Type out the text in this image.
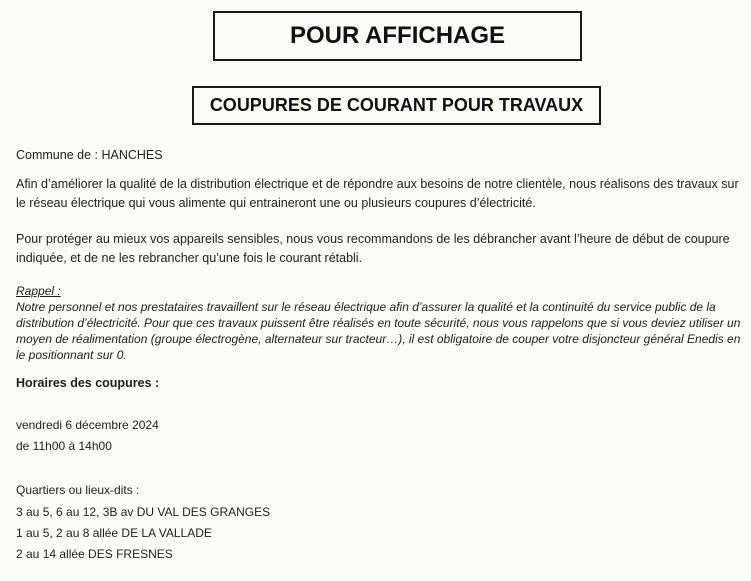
POUR AFFICHAGE
COUPURES DE COURANT POUR TRAVAUX

Commune de : HANCHES

Afin d’améliorer la qualité de la distribution électrique et de répondre aux besoins de notre clientèle, nous réalisons des travaux sur le réseau électrique qui vous alimente qui entraineront une ou plusieurs coupures d’électricité.

Pour protéger au mieux vos appareils sensibles, nous vous recommandons de les débrancher avant l’heure de début de coupure indiquée, et de ne les rebrancher qu’une fois le courant rétabli.

Rappel :

Notre personnel et nos prestataires travaillent sur le réseau électrique afin d’assurer la qualité et la continuité du service public de la distribution d’électricité. Pour que ces travaux puissent être réalisés en toute sécurité, nous vous rappelons que si vous deviez utiliser un moyen de réalimentation (groupe électrogène, alternateur sur tracteur…), il est obligatoire de couper votre disjoncteur général Enedis en le positionnant sur 0.

Horaires des coupures :

vendredi 6 décembre 2024

de 11h00 à 14h00

Quartiers ou lieux-dits :

3 au 5, 6 au 12, 3B av DU VAL DES GRANGES
1 au 5, 2 au 8 allée DE LA VALLADE
2 au 14 allée DES FRESNES
